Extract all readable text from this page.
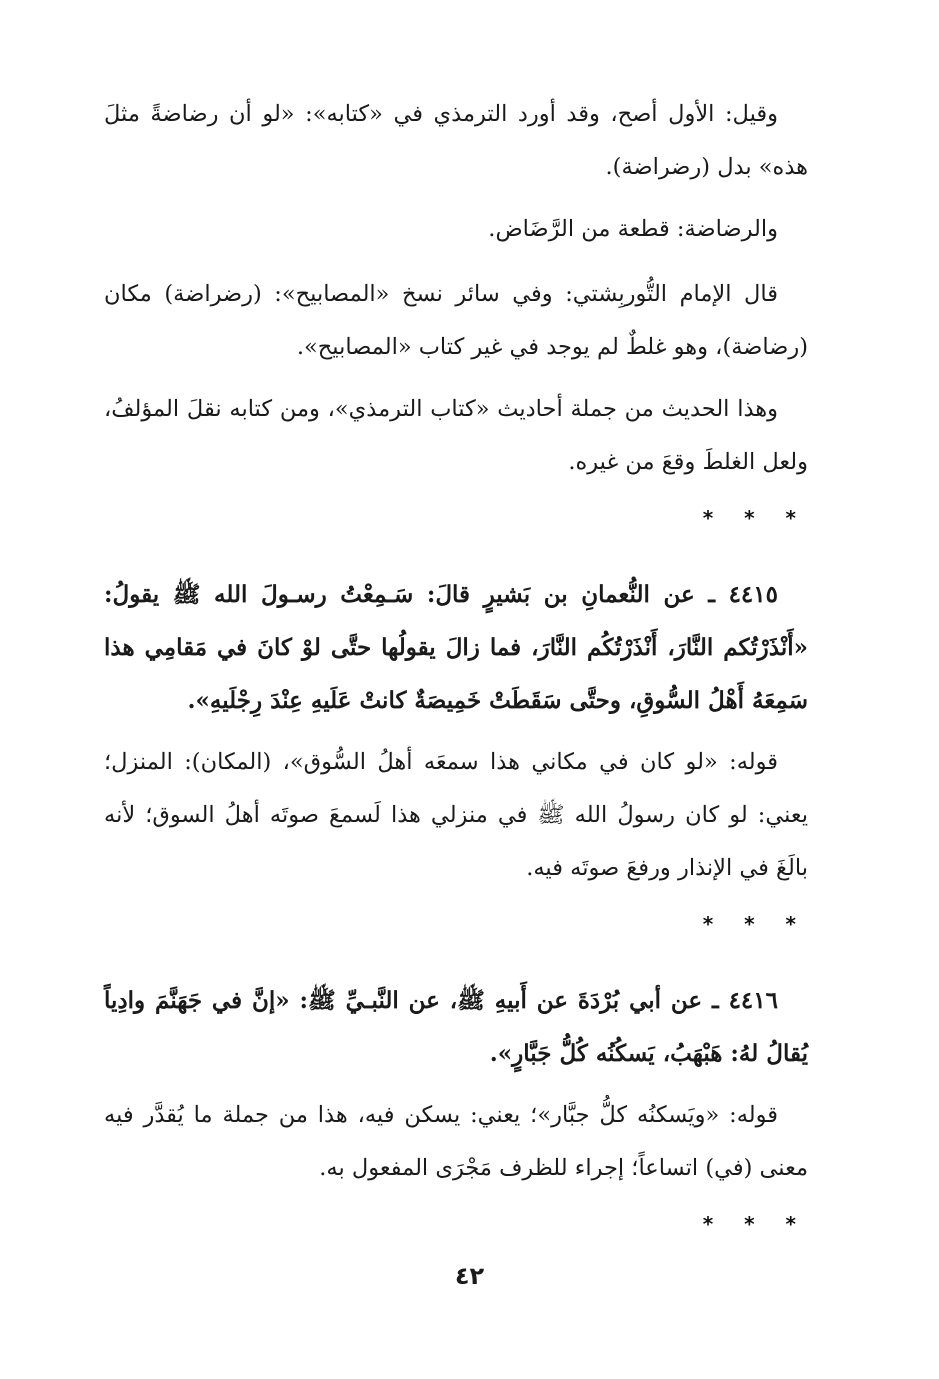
وقيل: الأول أصح، وقد أورد الترمذي في «كتابه»: «لو أن رضاضةً مثلَ هذه» بدل (رضراضة).

والرضاضة: قطعة من الرَّضَاض.

قال الإمام التُّوربِشتي: وفي سائر نسخ «المصابيح»: (رضراضة) مكان (رضاضة)، وهو غلطٌ لم يوجد في غير كتاب «المصابيح».

وهذا الحديث من جملة أحاديث «كتاب الترمذي»، ومن كتابه نقلَ المؤلفُ، ولعل الغلطَ وقعَ من غيره.

* * *

٤٤١٥ ـ عن النُّعمانِ بن بَشيرٍ قالَ: سَـمِعْتُ رسـولَ الله ﷺ يقولُ: «أَنْذَرْتُكم النَّارَ، أَنْذَرْتُكُم النَّارَ، فما زالَ يقولُها حتَّى لوْ كانَ في مَقامِي هذا سَمِعَهُ أَهْلُ السُّوقِ، وحتَّى سَقَطَتْ خَمِيصَةٌ كانتْ عَلَيهِ عِنْدَ رِجْلَيهِ».

قوله: «لو كان في مكاني هذا سمعَه أهلُ السُّوق»، (المكان): المنزل؛ يعني: لو كان رسولُ الله ﷺ في منزلي هذا لَسمعَ صوتَه أهلُ السوق؛ لأنه بالَغَ في الإنذار ورفعَ صوتَه فيه.

* * *

٤٤١٦ ـ عن أبي بُرْدَةَ عن أَبيهِ ﷺ، عن النَّبـيِّ ﷺ: «إنَّ في جَهَنَّمَ وادِياً يُقالُ لهُ: هَبْهَبُ، يَسكُنُه كُلُّ جَبَّارٍ».

قوله: «ويَسكنُه كلُّ جبَّار»؛ يعني: يسكن فيه، هذا من جملة ما يُقدَّر فيه معنى (في) اتساعاً؛ إجراء للظرف مَجْرَى المفعول به.

* * *
٤٢
